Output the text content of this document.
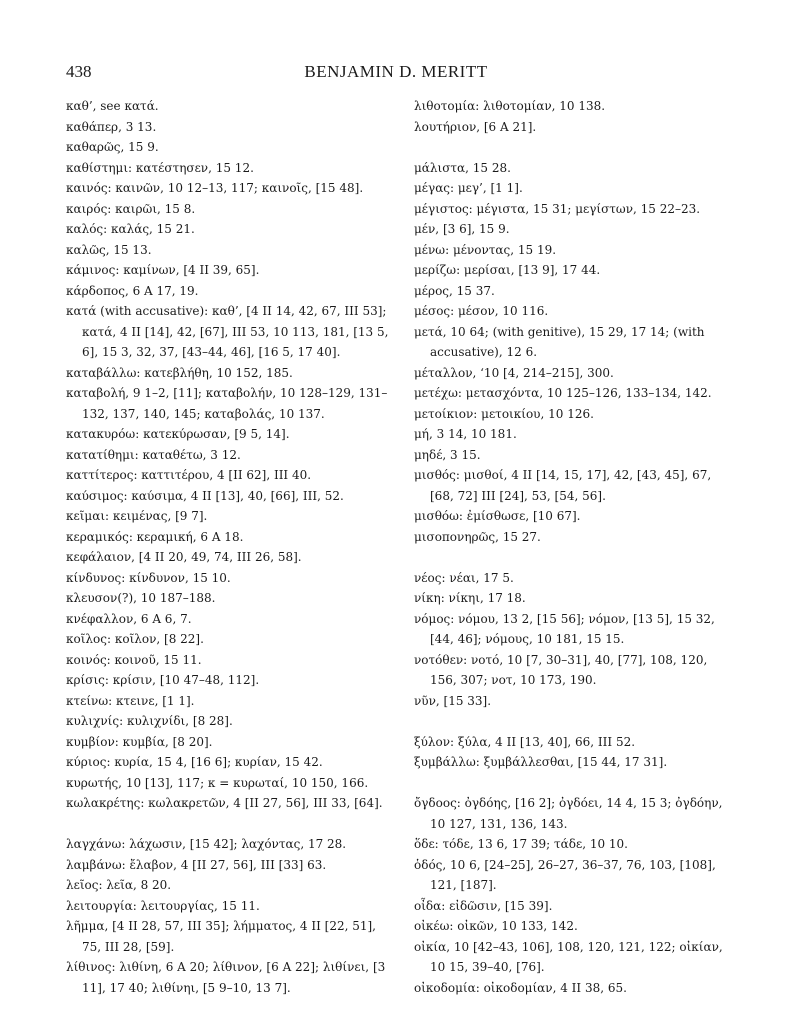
438	BENJAMIN D. MERITT
καθ’, see κατά.
καθάπερ, 3 13.
καθαρῶς, 15 9.
καθίστημι: κατέστησεν, 15 12.
καινός: καινῶν, 10 12–13, 117; καινοῖς, [15 48].
καιρός: καιρῶι, 15 8.
καλός: καλάς, 15 21.
καλῶς, 15 13.
κάμινος: καμίνων, [4 II 39, 65].
κάρδοπος, 6 A 17, 19.
κατά (with accusative): καθ’, [4 II 14, 42, 67, III 53]; κατά, 4 II [14], 42, [67], III 53, 10 113, 181, [13 5, 6], 15 3, 32, 37, [43–44, 46], [16 5, 17 40].
καταβάλλω: κατεβλήθη, 10 152, 185.
καταβολή, 9 1–2, [11]; καταβολήν, 10 128–129, 131–132, 137, 140, 145; καταβολάς, 10 137.
κατακυρόω: κατεκύρωσαν, [9 5, 14].
κατατίθημι: καταθέτω, 3 12.
καττίτερος: καττιτέρου, 4 [II 62], III 40.
καύσιμος: καύσιμα, 4 II [13], 40, [66], III, 52.
κεῖμαι: κειμένας, [9 7].
κεραμικός: κεραμική, 6 A 18.
κεφάλαιον, [4 II 20, 49, 74, III 26, 58].
κίνδυνος: κίνδυνον, 15 10.
κλευσον(?), 10 187–188.
κνέφαλλον, 6 A 6, 7.
κοῖλος: κοῖλον, [8 22].
κοινός: κοινοῦ, 15 11.
κρίσις: κρίσιν, [10 47–48, 112].
κτείνω: κτεινε, [1 1].
κυλιχνίς: κυλιχνίδι, [8 28].
κυμβίον: κυμβία, [8 20].
κύριος: κυρία, 15 4, [16 6]; κυρίαν, 15 42.
κυρωτής, 10 [13], 117; κ = κυρωταί, 10 150, 166.
κωλακρέτης: κωλακρετῶν, 4 [II 27, 56], III 33, [64].
λαγχάνω: λάχωσιν, [15 42]; λαχόντας, 17 28.
λαμβάνω: ἔλαβον, 4 [II 27, 56], III [33] 63.
λεῖος: λεῖα, 8 20.
λειτουργία: λειτουργίας, 15 11.
λῆμμα, [4 II 28, 57, III 35]; λήμματος, 4 II [22, 51], 75, III 28, [59].
λίθινος: λιθίνη, 6 A 20; λίθινον, [6 A 22]; λιθίνει, [3 11], 17 40; λιθίνηι, [5 9–10, 13 7].
λιθοτομία: λιθοτομίαν, 10 138.
λουτήριον, [6 A 21].
μάλιστα, 15 28.
μέγας: μεγ’, [1 1].
μέγιστος: μέγιστα, 15 31; μεγίστων, 15 22–23.
μέν, [3 6], 15 9.
μένω: μένοντας, 15 19.
μερίζω: μερίσαι, [13 9], 17 44.
μέρος, 15 37.
μέσος: μέσον, 10 116.
μετά, 10 64; (with genitive), 15 29, 17 14; (with accusative), 12 6.
μέταλλον, ‘10 [4, 214–215], 300.
μετέχω: μετασχόντα, 10 125–126, 133–134, 142.
μετοίκιον: μετοικίου, 10 126.
μή, 3 14, 10 181.
μηδέ, 3 15.
μισθός: μισθοί, 4 II [14, 15, 17], 42, [43, 45], 67, [68, 72] III [24], 53, [54, 56].
μισθόω: ἐμίσθωσε, [10 67].
μισοπονηρῶς, 15 27.
νέος: νέαι, 17 5.
νίκη: νίκηι, 17 18.
νόμος: νόμου, 13 2, [15 56]; νόμον, [13 5], 15 32, [44, 46]; νόμους, 10 181, 15 15.
νοτόθεν: νοτό, 10 [7, 30–31], 40, [77], 108, 120, 156, 307; νοτ, 10 173, 190.
νῦν, [15 33].
ξύλον: ξύλα, 4 II [13, 40], 66, III 52.
ξυμβάλλω: ξυμβάλλεσθαι, [15 44, 17 31].
ὄγδοος: ὀγδόης, [16 2]; ὀγδόει, 14 4, 15 3; ὀγδόην, 10 127, 131, 136, 143.
ὅδε: τόδε, 13 6, 17 39; τάδε, 10 10.
ὁδός, 10 6, [24–25], 26–27, 36–37, 76, 103, [108], 121, [187].
οἶδα: εἰδῶσιν, [15 39].
οἰκέω: οἰκῶν, 10 133, 142.
οἰκία, 10 [42–43, 106], 108, 120, 121, 122; οἰκίαν, 10 15, 39–40, [76].
οἰκοδομία: οἰκοδομίαν, 4 II 38, 65.
